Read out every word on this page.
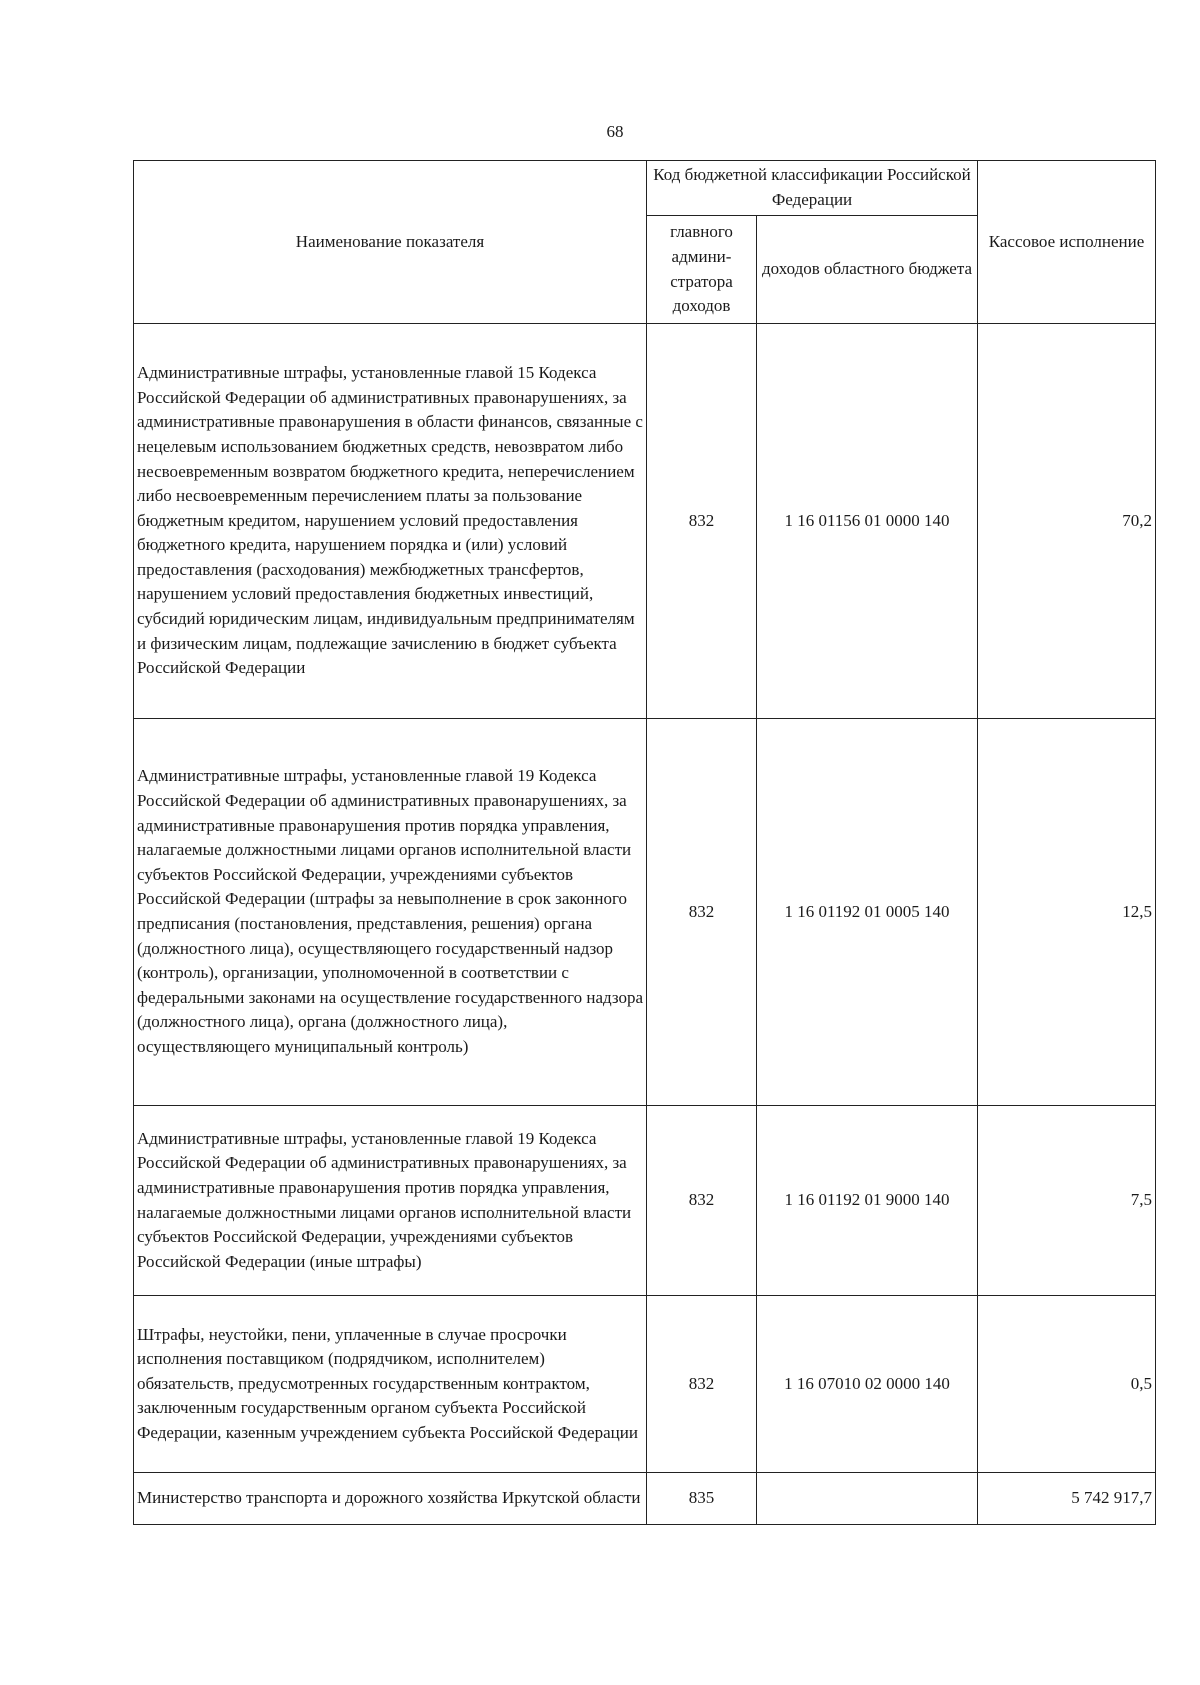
68
Наименование показателя	Код бюджетной классификации Российской Федерации		Кассовое исполнение
	главного админи-стратора доходов	доходов областного бюджета	
Административные штрафы, установленные главой 15 Кодекса Российской Федерации об административных правонарушениях, за административные правонарушения в области финансов, связанные с нецелевым использованием бюджетных средств, невозвратом либо несвоевременным возвратом бюджетного кредита, неперечислением либо несвоевременным перечислением платы за пользование бюджетным кредитом, нарушением условий предоставления бюджетного кредита, нарушением порядка и (или) условий предоставления (расходования) межбюджетных трансфертов, нарушением условий предоставления бюджетных инвестиций, субсидий юридическим лицам, индивидуальным предпринимателям и физическим лицам, подлежащие зачислению в бюджет субъекта Российской Федерации	832	1 16 01156 01 0000 140	70,2
Административные штрафы, установленные главой 19 Кодекса Российской Федерации об административных правонарушениях, за административные правонарушения против порядка управления, налагаемые должностными лицами органов исполнительной власти субъектов Российской Федерации, учреждениями субъектов Российской Федерации (штрафы за невыполнение в срок законного предписания (постановления, представления, решения) органа (должностного лица), осуществляющего государственный надзор (контроль), организации, уполномоченной в соответствии с федеральными законами на осуществление государственного надзора (должностного лица), органа (должностного лица), осуществляющего муниципальный контроль)	832	1 16 01192 01 0005 140	12,5
Административные штрафы, установленные главой 19 Кодекса Российской Федерации об административных правонарушениях, за административные правонарушения против порядка управления, налагаемые должностными лицами органов исполнительной власти субъектов Российской Федерации, учреждениями субъектов Российской Федерации (иные штрафы)	832	1 16 01192 01 9000 140	7,5
Штрафы, неустойки, пени, уплаченные в случае просрочки исполнения поставщиком (подрядчиком, исполнителем) обязательств, предусмотренных государственным контрактом, заключенным государственным органом субъекта Российской Федерации, казенным учреждением субъекта Российской Федерации	832	1 16 07010 02 0000 140	0,5
Министерство транспорта и дорожного хозяйства Иркутской области	835		5 742 917,7
